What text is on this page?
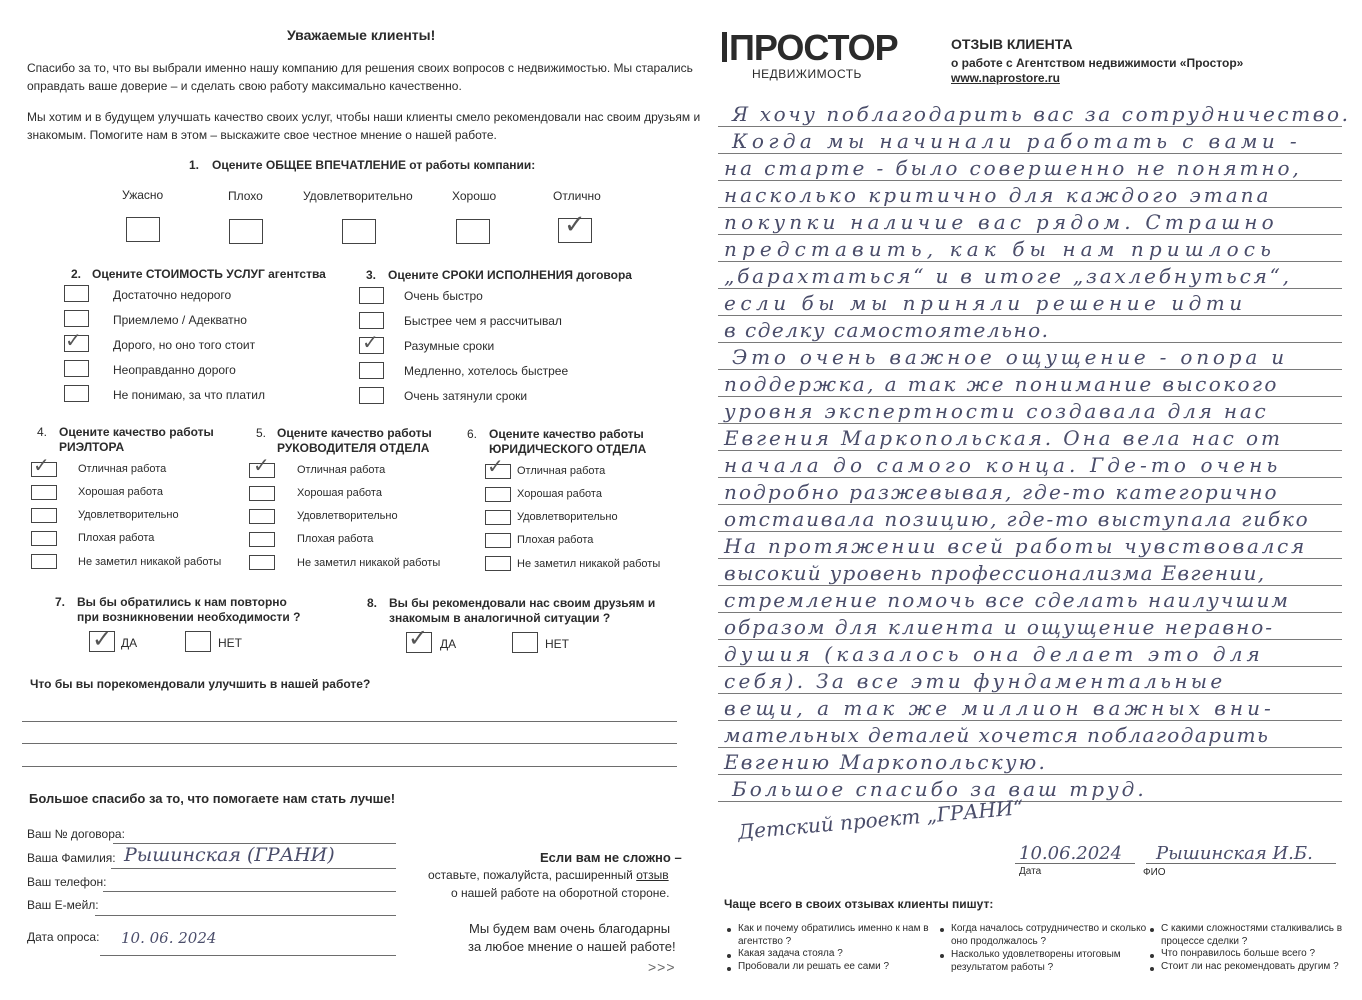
Уважаемые клиенты!
Спасибо за то, что вы выбрали именно нашу компанию для решения своих вопросов с недвижимостью. Мы старались
оправдать ваше доверие – и сделать свою работу максимально качественно.
Мы хотим и в будущем улучшать качество своих услуг, чтобы наши клиенты смело рекомендовали нас своим друзьям и
знакомым. Помогите нам в этом – выскажите свое честное мнение о нашей работе.
1. Оцените ОБЩЕЕ ВПЕЧАТЛЕНИЕ от работы компании:
Ужасно	Плохо	Удовлетворительно	Хорошо	Отлично
✓
2. Оцените СТОИМОСТЬ УСЛУГ агентства
✓
Достаточно недорого
Приемлемо / Адекватно
Дорого, но оно того стоит
Неоправданно дорого
Не понимаю, за что платил
3. Оцените СРОКИ ИСПОЛНЕНИЯ договора
✓
Очень быстро
Быстрее чем я рассчитывал
Разумные сроки
Медленно, хотелось быстрее
Очень затянули сроки
4. Оцените качество работы
РИЭЛТОРА
✓	Отличная работа
Хорошая работа
Удовлетворительно
Плохая работа
Не заметил никакой работы
5. Оцените качество работы
РУКОВОДИТЕЛЯ ОТДЕЛА
✓ Отличная работа
Хорошая работа
Удовлетворительно
Плохая работа
Не заметил никакой работы
6. Оцените качество работы
ЮРИДИЧЕСКОГО ОТДЕЛА
✓ Отличная работа
Хорошая работа
Удовлетворительно
Плохая работа
Не заметил никакой работы
7. Вы бы обратились к нам повторно
при возникновении необходимости ?
✓ ДА	НЕТ
8. Вы бы рекомендовали нас своим друзьям и
знакомым в аналогичной ситуации ?
✓ ДА	НЕТ
Что бы вы порекомендовали улучшить в нашей работе?
Большое спасибо за то, что помогаете нам стать лучше!
Ваш № договора:
Ваша Фамилия: Рышинская (ГРАНИ)
Ваш телефон:
Ваш Е-мейл:
Дата опроса: 10. 06. 2024
Если вам не сложно –
оставьте, пожалуйста, расширенный отзыв
о нашей работе на оборотной стороне.
Мы будем вам очень благодарны
за любое мнение о нашей работе!
>>>
ПРОСТОР
НЕДВИЖИМОСТЬ
ОТЗЫВ КЛИЕНТА
о работе с Агентством недвижимости «Простор»
www.naprostore.ru
Я хочу поблагодарить вас за сотрудничество.
Когда мы начинали работать с вами -
на старте - было совершенно не понятно,
насколько критично для каждого этапа
покупки наличие вас рядом. Страшно
представить, как бы нам пришлось
„барахтаться“ и в итоге „захлебнуться“,
если бы мы приняли решение идти
в сделку самостоятельно.
Это очень важное ощущение - опора и
поддержка, а так же понимание высокого
уровня экспертности создавала для нас
Евгения Маркопольская. Она вела нас от
начала до самого конца. Где-то очень
подробно разжевывая, где-то категорично
отстаивала позицию, где-то выступала гибко
На протяжении всей работы чувствовался
высокий уровень профессионализма Евгении,
стремление помочь все сделать наилучшим
образом для клиента и ощущение неравно-
душия (казалось она делает это для
себя). За все эти фундаментальные
вещи, а так же миллион важных вни-
мательных деталей хочется поблагодарить
Евгению Маркопольскую.
Большое спасибо за ваш труд.
Детский проект „ГРАНИ“
10.06.2024 Рышинская И.Б.
Дата	ФИО
Чаще всего в своих отзывах клиенты пишут:
Как и почему обратились именно к нам в
агентство ?
Какая задача стояла ?
Пробовали ли решать ее сами ?
Когда началось сотрудничество и сколько
оно продолжалось ?
Насколько удовлетворены итоговым
результатом работы ?
С какими сложностями сталкивались в
процессе сделки ?
Что понравилось больше всего ?
Стоит ли нас рекомендовать другим ?
